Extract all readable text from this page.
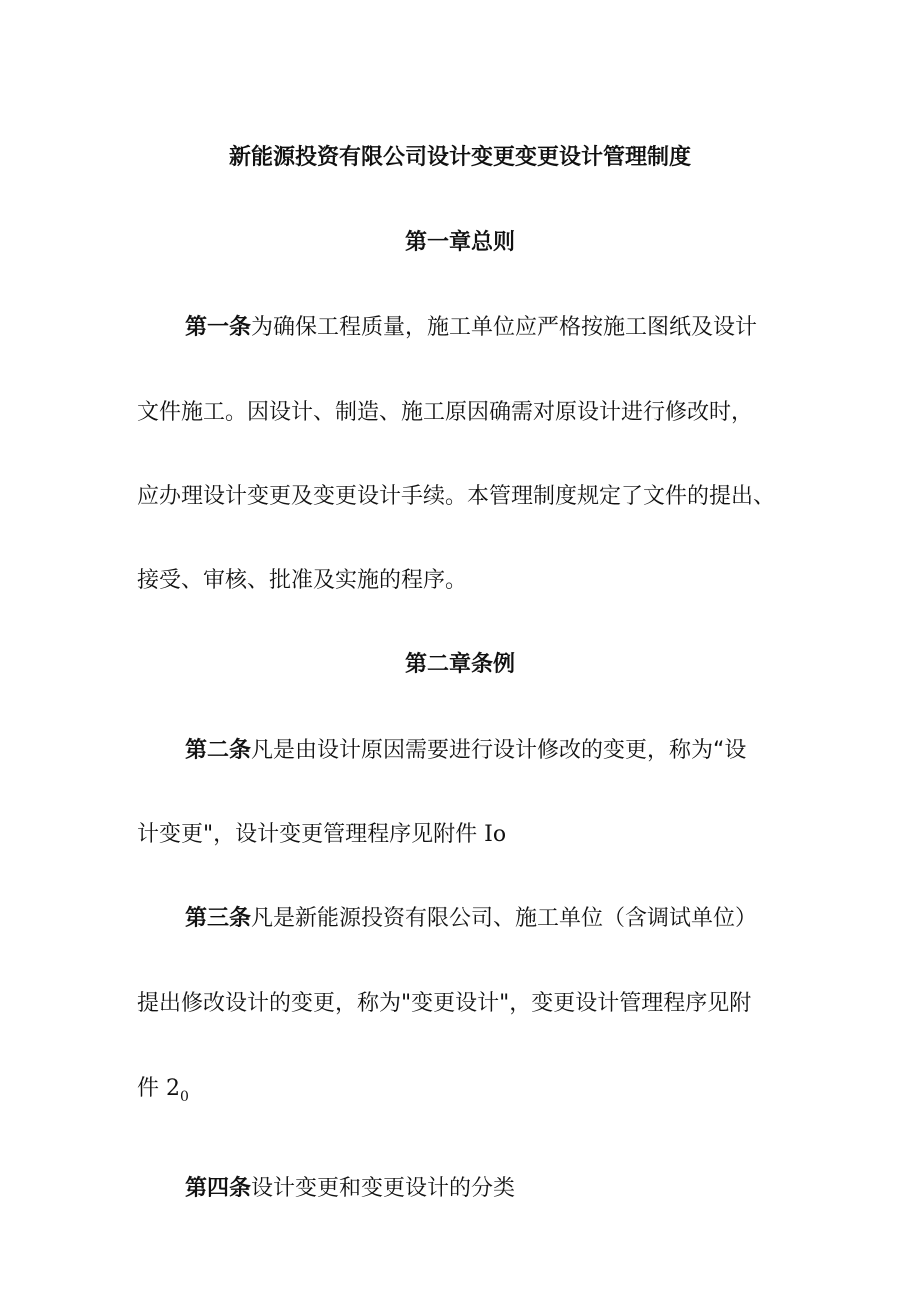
新能源投资有限公司设计变更变更设计管理制度
第一章总则

第一条为确保工程质量，施工单位应严格按施工图纸及设计

文件施工。因设计、制造、施工原因确需对原设计进行修改时，

应办理设计变更及变更设计手续。本管理制度规定了文件的提出、

接受、审核、批准及实施的程序。

第二章条例

第二条凡是由设计原因需要进行设计修改的变更，称为“设

计变更"，设计变更管理程序见附件 Io

第三条凡是新能源投资有限公司、施工单位（含调试单位）

提出修改设计的变更，称为"变更设计"，变更设计管理程序见附

件 $2_0$

第四条设计变更和变更设计的分类
